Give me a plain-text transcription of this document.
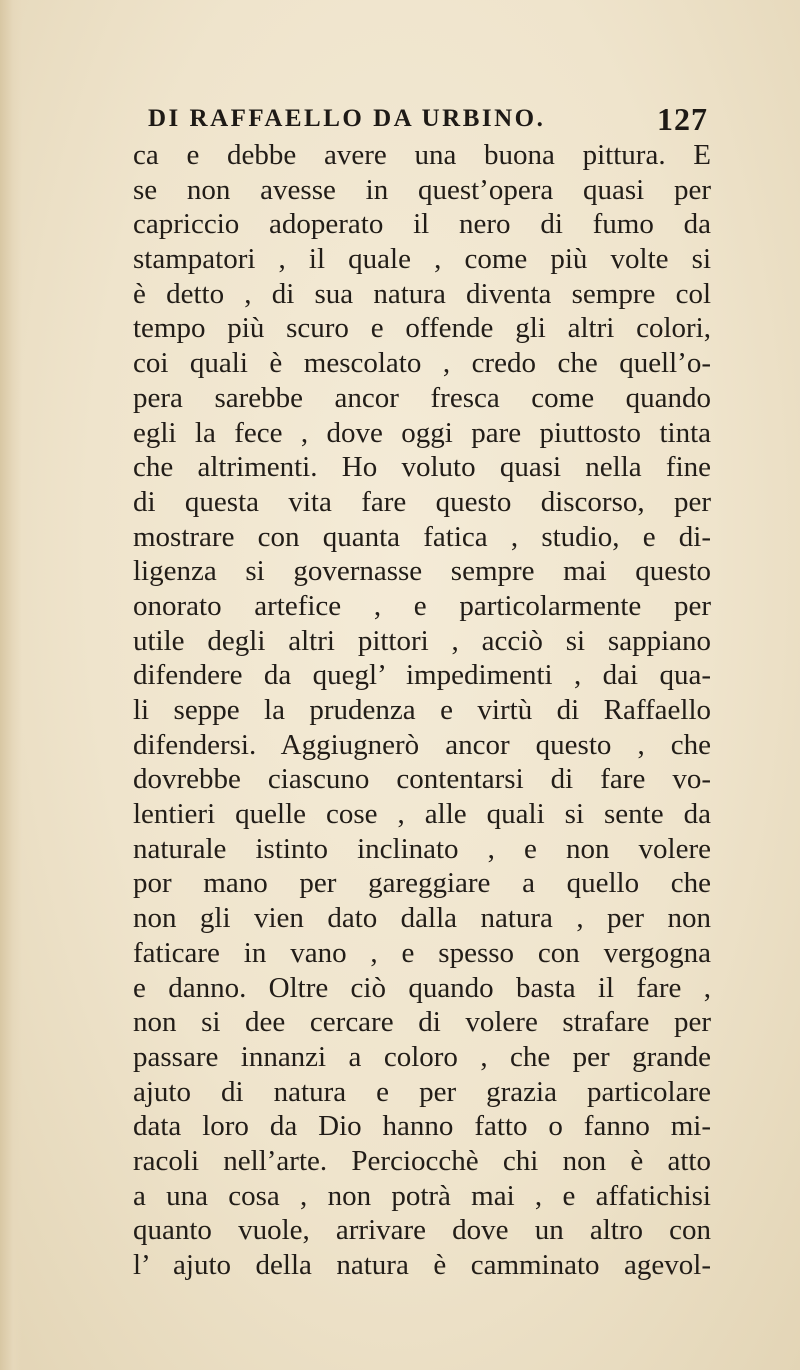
DI RAFFAELLO DA URBINO.	127
ca e debbe avere una buona pittura. E
se non avesse in quest’opera quasi per
capriccio adoperato il nero di fumo da
stampatori , il quale , come più volte si
è detto , di sua natura diventa sempre col
tempo più scuro e offende gli altri colori,
coi quali è mescolato , credo che quell’o-
pera sarebbe ancor fresca come quando
egli la fece , dove oggi pare piuttosto tinta
che altrimenti. Ho voluto quasi nella fine
di questa vita fare questo discorso, per
mostrare con quanta fatica , studio, e di-
ligenza si governasse sempre mai questo
onorato artefice , e particolarmente per
utile degli altri pittori , acciò si sappiano
difendere da quegl’ impedimenti , dai qua-
li seppe la prudenza e virtù di Raffaello
difendersi. Aggiugnerò ancor questo , che
dovrebbe ciascuno contentarsi di fare vo-
lentieri quelle cose , alle quali si sente da
naturale istinto inclinato , e non volere
por mano per gareggiare a quello che
non gli vien dato dalla natura , per non
faticare in vano , e spesso con vergogna
e danno. Oltre ciò quando basta il fare ,
non si dee cercare di volere strafare per
passare innanzi a coloro , che per grande
ajuto di natura e per grazia particolare
data loro da Dio hanno fatto o fanno mi-
racoli nell’arte. Perciocchè chi non è atto
a una cosa , non potrà mai , e affatichisi
quanto vuole, arrivare dove un altro con
l’ ajuto della natura è camminato agevol-
